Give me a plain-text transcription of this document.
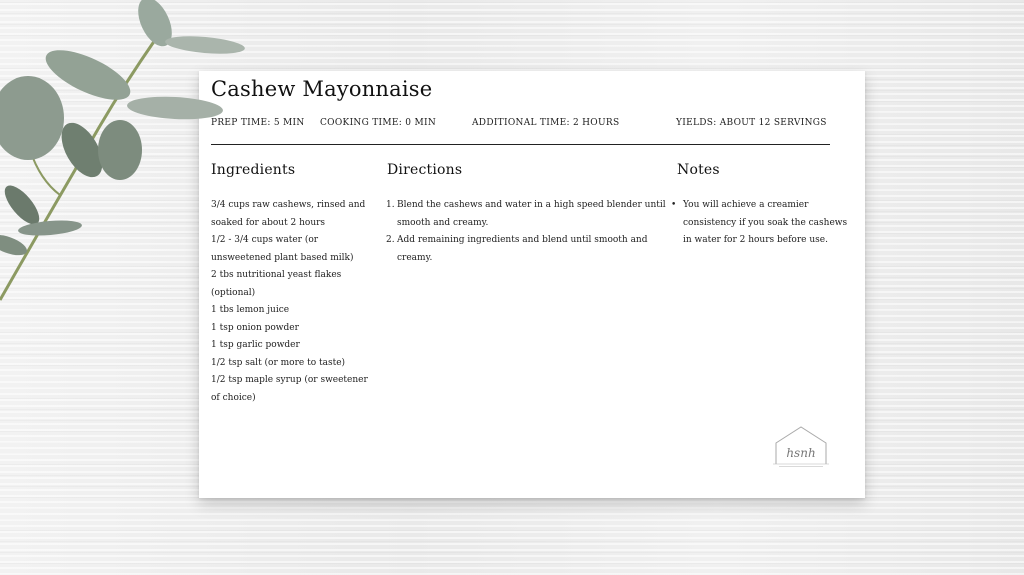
Cashew Mayonnaise
PREP TIME: 5 MIN COOKING TIME: 0 MIN	ADDITIONAL TIME: 2 HOURS	YIELDS: ABOUT 12 SERVINGS
Ingredients

3/4 cups raw cashews, rinsed and

soaked for about 2 hours

1/2 - 3/4 cups water (or

unsweetened plant based milk)

2 tbs nutritional yeast flakes

(optional)

1 tbs lemon juice

1 tsp onion powder

1 tsp garlic powder

1/2 tsp salt (or more to taste)

1/2 tsp maple syrup (or sweetener

of choice)

Directions
1. Blend the cashews and water in a high speed blender until
smooth and creamy.
2. Add remaining ingredients and blend until smooth and
creamy.
Notes
• You will achieve a creamier
consistency if you soak the cashews
in water for 2 hours before use.
hsnh
